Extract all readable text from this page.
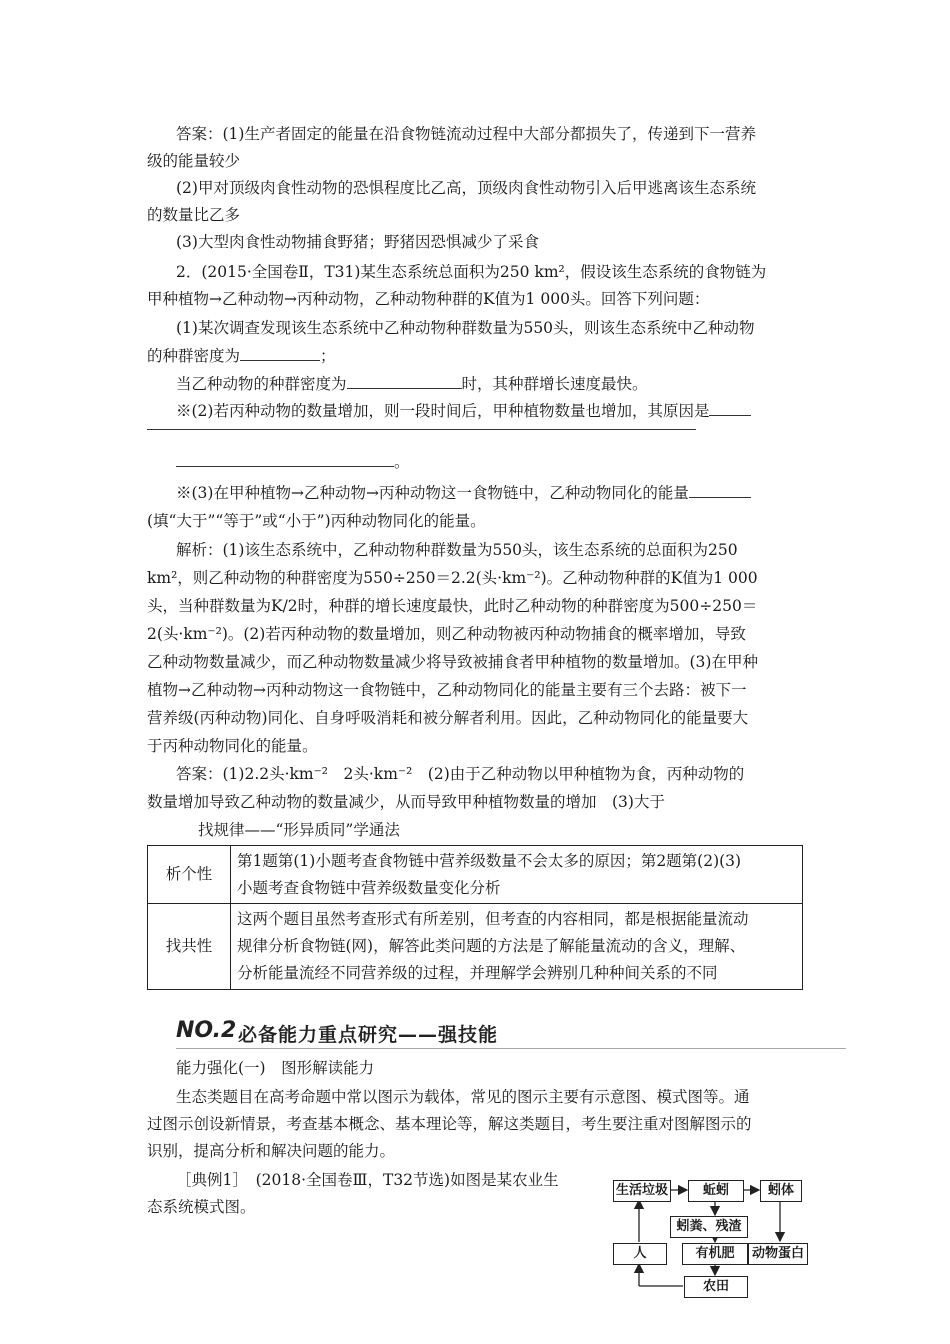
答案：(1)生产者固定的能量在沿食物链流动过程中大部分都损失了，传递到下一营养
级的能量较少
(2)甲对顶级肉食性动物的恐惧程度比乙高，顶级肉食性动物引入后甲逃离该生态系统
的数量比乙多
(3)大型肉食性动物捕食野猪；野猪因恐惧减少了采食
2．(2015·全国卷Ⅱ，T31)某生态系统总面积为250 km²，假设该生态系统的食物链为
甲种植物→乙种动物→丙种动物，乙种动物种群的K值为1 000头。回答下列问题：
(1)某次调查发现该生态系统中乙种动物种群数量为550头，则该生态系统中乙种动物
的种群密度为	；
当乙种动物的种群密度为	时，其种群增长速度最快。
※(2)若丙种动物的数量增加，则一段时间后，甲种植物数量也增加，其原因是
。
※(3)在甲种植物→乙种动物→丙种动物这一食物链中，乙种动物同化的能量
(填“大于”“等于”或“小于”)丙种动物同化的能量。
解析：(1)该生态系统中，乙种动物种群数量为550头，该生态系统的总面积为250
km²，则乙种动物的种群密度为550÷250＝2.2(头·km⁻²)。乙种动物种群的K值为1 000
头，当种群数量为K/2时，种群的增长速度最快，此时乙种动物的种群密度为500÷250＝
2(头·km⁻²)。(2)若丙种动物的数量增加，则乙种动物被丙种动物捕食的概率增加，导致
乙种动物数量减少，而乙种动物数量减少将导致被捕食者甲种植物的数量增加。(3)在甲种
植物→乙种动物→丙种动物这一食物链中，乙种动物同化的能量主要有三个去路：被下一
营养级(丙种动物)同化、自身呼吸消耗和被分解者利用。因此，乙种动物同化的能量要大
于丙种动物同化的能量。
答案：(1)2.2头·km⁻²　2头·km⁻²　(2)由于乙种动物以甲种植物为食，丙种动物的
数量增加导致乙种动物的数量减少，从而导致甲种植物数量的增加　(3)大于
找规律——“形异质同”学通法
析个性	第1题第(1)小题考查食物链中营养级数量不会太多的原因；第2题第(2)(3)
小题考查食物链中营养级数量变化分析

找共性	这两个题目虽然考查形式有所差别，但考查的内容相同，都是根据能量流动
规律分析食物链(网)，解答此类问题的方法是了解能量流动的含义，理解、
分析能量流经不同营养级的过程，并理解学会辨别几种种间关系的不同
NO.2 必备能力重点研究——强技能
能力强化(一)　图形解读能力
生态类题目在高考命题中常以图示为载体，常见的图示主要有示意图、模式图等。通
过图示创设新情景，考查基本概念、基本理论等，解这类题目，考生要注重对图解图示的
识别，提高分析和解决问题的能力。
［典例1］　(2018·全国卷Ⅲ，T32节选)如图是某农业生
态系统模式图。
生活垃圾	蚯蚓	蚓体
蚓粪、残渣
人	有机肥	动物蛋白
农田
